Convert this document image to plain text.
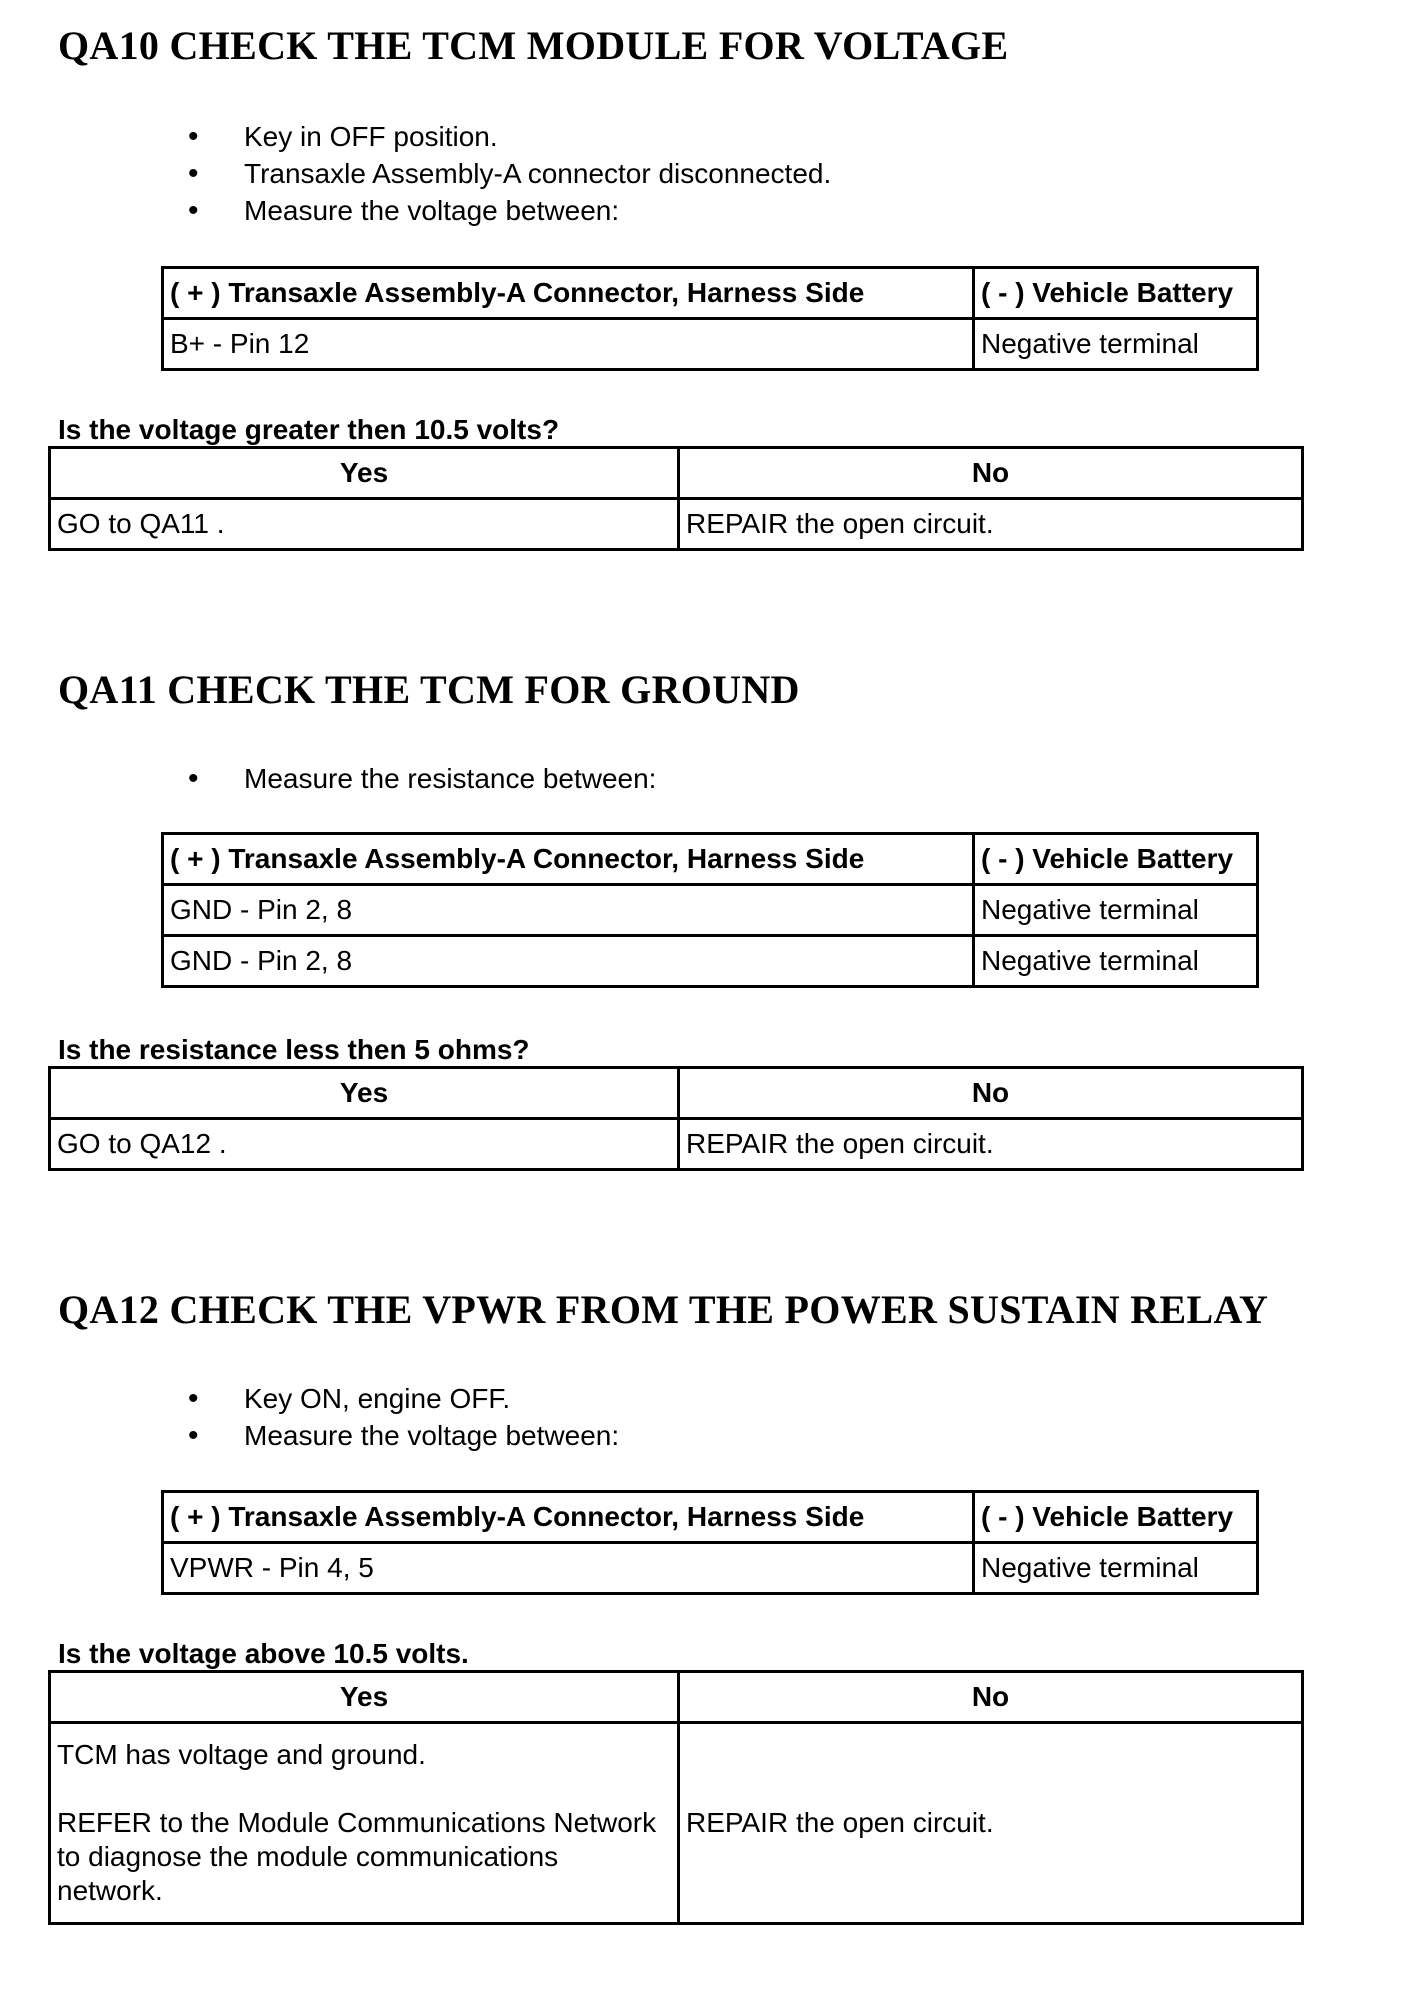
QA10 CHECK THE TCM MODULE FOR VOLTAGE
• Key in OFF position.
• Transaxle Assembly-A connector disconnected.
• Measure the voltage between:
( + ) Transaxle Assembly-A Connector, Harness Side	( - ) Vehicle Battery
B+ - Pin 12	Negative terminal
Is the voltage greater then 10.5 volts?
Yes	No
GO to QA11 .	REPAIR the open circuit.
QA11 CHECK THE TCM FOR GROUND
• Measure the resistance between:
( + ) Transaxle Assembly-A Connector, Harness Side	( - ) Vehicle Battery
GND - Pin 2, 8	Negative terminal
GND - Pin 2, 8	Negative terminal
Is the resistance less then 5 ohms?
Yes	No
GO to QA12 .	REPAIR the open circuit.
QA12 CHECK THE VPWR FROM THE POWER SUSTAIN RELAY
• Key ON, engine OFF.
• Measure the voltage between:
( + ) Transaxle Assembly-A Connector, Harness Side	( - ) Vehicle Battery
VPWR - Pin 4, 5	Negative terminal
Is the voltage above 10.5 volts.
Yes	No

TCM has voltage and ground.

REFER to the Module Communications Network to diagnose the module communications network.	REPAIR the open circuit.
